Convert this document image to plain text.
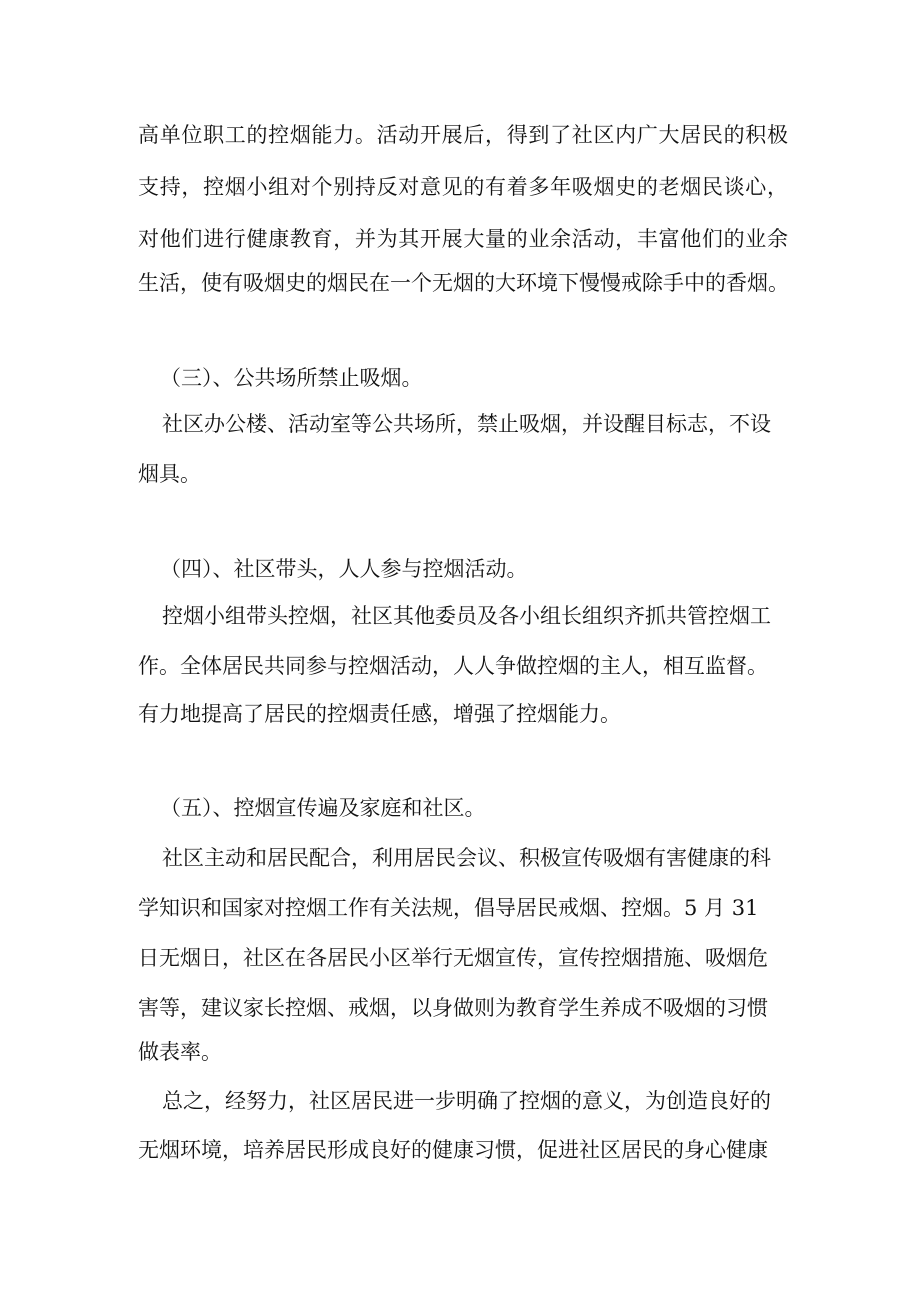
高单位职工的控烟能力。活动开展后，得到了社区内广大居民的积极
支持，控烟小组对个别持反对意见的有着多年吸烟史的老烟民谈心，
对他们进行健康教育，并为其开展大量的业余活动，丰富他们的业余
生活，使有吸烟史的烟民在一个无烟的大环境下慢慢戒除手中的香烟。
（三）、公共场所禁止吸烟。
社区办公楼、活动室等公共场所，禁止吸烟，并设醒目标志，不设
烟具。
（四）、社区带头，人人参与控烟活动。
控烟小组带头控烟，社区其他委员及各小组长组织齐抓共管控烟工
作。全体居民共同参与控烟活动，人人争做控烟的主人，相互监督。
有力地提高了居民的控烟责任感，增强了控烟能力。
（五）、控烟宣传遍及家庭和社区。
社区主动和居民配合，利用居民会议、积极宣传吸烟有害健康的科
学知识和国家对控烟工作有关法规，倡导居民戒烟、控烟。5 月 31
日无烟日，社区在各居民小区举行无烟宣传，宣传控烟措施、吸烟危
害等，建议家长控烟、戒烟，以身做则为教育学生养成不吸烟的习惯
做表率。
总之，经努力，社区居民进一步明确了控烟的意义，为创造良好的
无烟环境，培养居民形成良好的健康习惯，促进社区居民的身心健康
